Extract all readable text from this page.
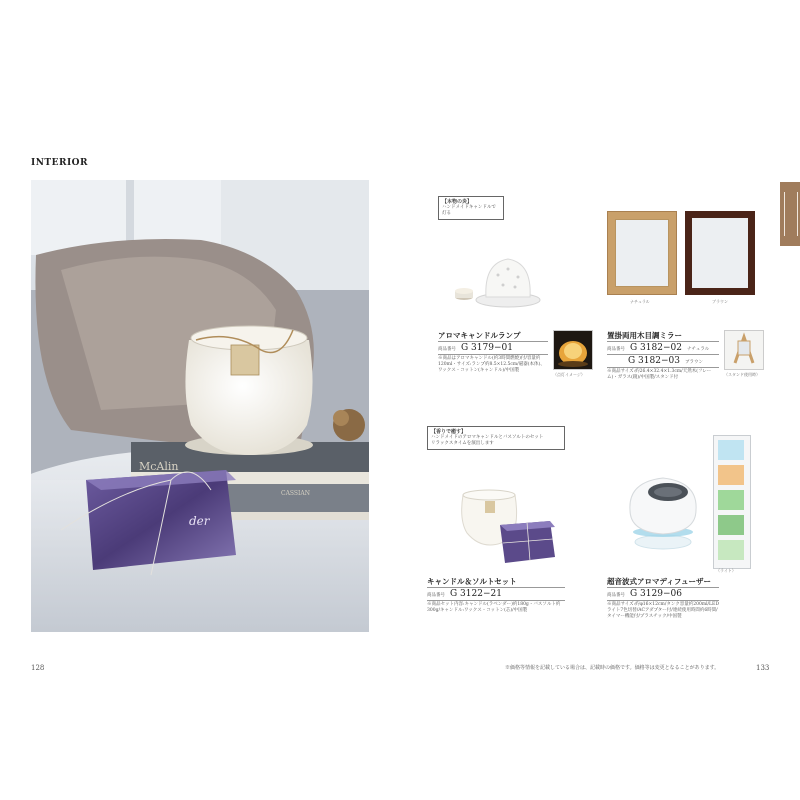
INTERIOR
McAlin
CASSIAN
der
128
【本物の炎】
ハンドメイドキャンドルで灯る
アロマキャンドルランプ
商品番号 G 3179−01
※商品はアロマキャンドル(約3時間燃焼)付/容量約120ml・サイズ:ランプ約8.5×12.5cm/磁器(本体)、ワックス・コットン(キャンドル)/中国製
（点灯イメージ）
ナチュラル	ブラウン
置掛両用木目調ミラー
商品番号 G 3182−02 ナチュラル
G 3182−03 ブラウン
※商品サイズ:約26.4×32.4×1.3cm/天然木(フレーム)・ガラス(鏡)/中国製/スタンド付
（スタンド使用時）
【香りで癒す】
ハンドメイドのアロマキャンドルとバスソルトのセット
リラックスタイムを演出します
キャンドル＆ソルトセット
商品番号 G 3122−21
※商品セット内容:キャンドル(ラベンダー)約180g・バスソルト約300g/キャンドル:ワックス・コットン(芯)/中国製
（ライト）
超音波式アロマディフューザー
商品番号 G 3129−06
※商品サイズ:約φ16×12cm/タンク容量約200ml/LEDライト7色切替/ACアダプター付/連続使用時間約6時間/タイマー機能付/プラスチック/中国製
※価格等情報を記載している場合は、記載時の価格です。価格等は変更となることがあります。	133
